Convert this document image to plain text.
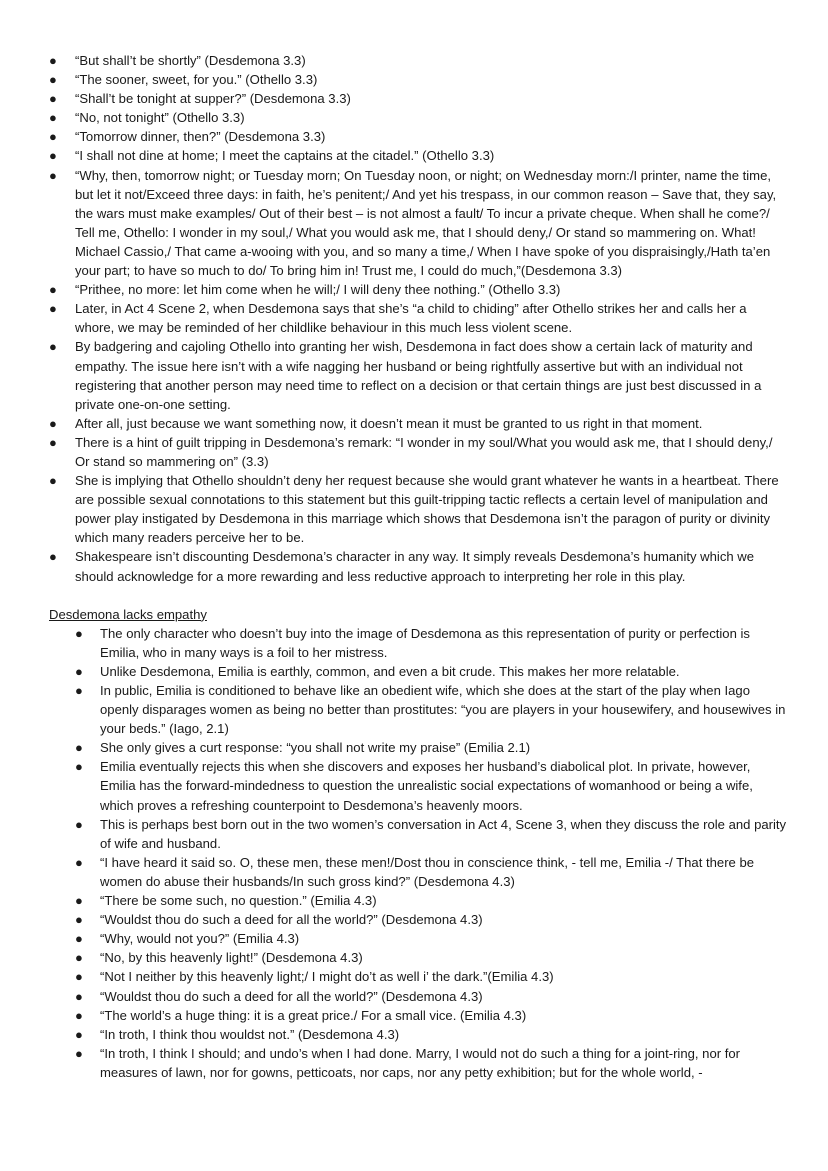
● “But shall’t be shortly” (Desdemona 3.3)
● “The sooner, sweet, for you.” (Othello 3.3)
● “Shall’t be tonight at supper?” (Desdemona 3.3)
● “No, not tonight” (Othello 3.3)
● “Tomorrow dinner, then?” (Desdemona 3.3)
● “I shall not dine at home; I meet the captains at the citadel.” (Othello 3.3)
● “Why, then, tomorrow night; or Tuesday morn; On Tuesday noon, or night; on Wednesday morn:/I printer, name the time, but let it not/Exceed three days: in faith, he’s penitent;/ And yet his trespass, in our common reason – Save that, they say, the wars must make examples/ Out of their best – is not almost a fault/ To incur a private cheque. When shall he come?/ Tell me, Othello: I wonder in my soul,/ What you would ask me, that I should deny,/ Or stand so mammering on. What! Michael Cassio,/ That came a-wooing with you, and so many a time,/ When I have spoke of you dispraisingly,/Hath ta’en your part; to have so much to do/ To bring him in! Trust me, I could do much,”(Desdemona 3.3)
● “Prithee, no more: let him come when he will;/ I will deny thee nothing.” (Othello 3.3)
● Later, in Act 4 Scene 2, when Desdemona says that she’s “a child to chiding” after Othello strikes her and calls her a whore, we may be reminded of her childlike behaviour in this much less violent scene.
● By badgering and cajoling Othello into granting her wish, Desdemona in fact does show a certain lack of maturity and empathy. The issue here isn’t with a wife nagging her husband or being rightfully assertive but with an individual not registering that another person may need time to reflect on a decision or that certain things are just best discussed in a private one-on-one setting.
● After all, just because we want something now, it doesn’t mean it must be granted to us right in that moment.
● There is a hint of guilt tripping in Desdemona’s remark: “I wonder in my soul/What you would ask me, that I should deny,/ Or stand so mammering on” (3.3)
● She is implying that Othello shouldn’t deny her request because she would grant whatever he wants in a heartbeat. There are possible sexual connotations to this statement but this guilt-tripping tactic reflects a certain level of manipulation and power play instigated by Desdemona in this marriage which shows that Desdemona isn’t the paragon of purity or divinity which many readers perceive her to be.
● Shakespeare isn’t discounting Desdemona’s character in any way. It simply reveals Desdemona’s humanity which we should acknowledge for a more rewarding and less reductive approach to interpreting her role in this play.
Desdemona lacks empathy
● The only character who doesn’t buy into the image of Desdemona as this representation of purity or perfection is Emilia, who in many ways is a foil to her mistress.
● Unlike Desdemona, Emilia is earthly, common, and even a bit crude. This makes her more relatable.
● In public, Emilia is conditioned to behave like an obedient wife, which she does at the start of the play when Iago openly disparages women as being no better than prostitutes: “you are players in your housewifery, and housewives in your beds.” (Iago, 2.1)
● She only gives a curt response: “you shall not write my praise” (Emilia 2.1)
● Emilia eventually rejects this when she discovers and exposes her husband’s diabolical plot. In private, however, Emilia has the forward-mindedness to question the unrealistic social expectations of womanhood or being a wife, which proves a refreshing counterpoint to Desdemona’s heavenly moors.
● This is perhaps best born out in the two women’s conversation in Act 4, Scene 3, when they discuss the role and parity of wife and husband.
● “I have heard it said so. O, these men, these men!/Dost thou in conscience think, - tell me, Emilia -/ That there be women do abuse their husbands/In such gross kind?” (Desdemona 4.3)
● “There be some such, no question.” (Emilia 4.3)
● “Wouldst thou do such a deed for all the world?” (Desdemona 4.3)
● “Why, would not you?” (Emilia 4.3)
● “No, by this heavenly light!” (Desdemona 4.3)
● “Not I neither by this heavenly light;/ I might do’t as well i’ the dark.”(Emilia 4.3)
● “Wouldst thou do such a deed for all the world?” (Desdemona 4.3)
● “The world’s a huge thing: it is a great price./ For a small vice. (Emilia 4.3)
● “In troth, I think thou wouldst not.” (Desdemona 4.3)
● “In troth, I think I should; and undo’s when I had done. Marry, I would not do such a thing for a joint-ring, nor for measures of lawn, nor for gowns, petticoats, nor caps, nor any petty exhibition; but for the whole world, -
